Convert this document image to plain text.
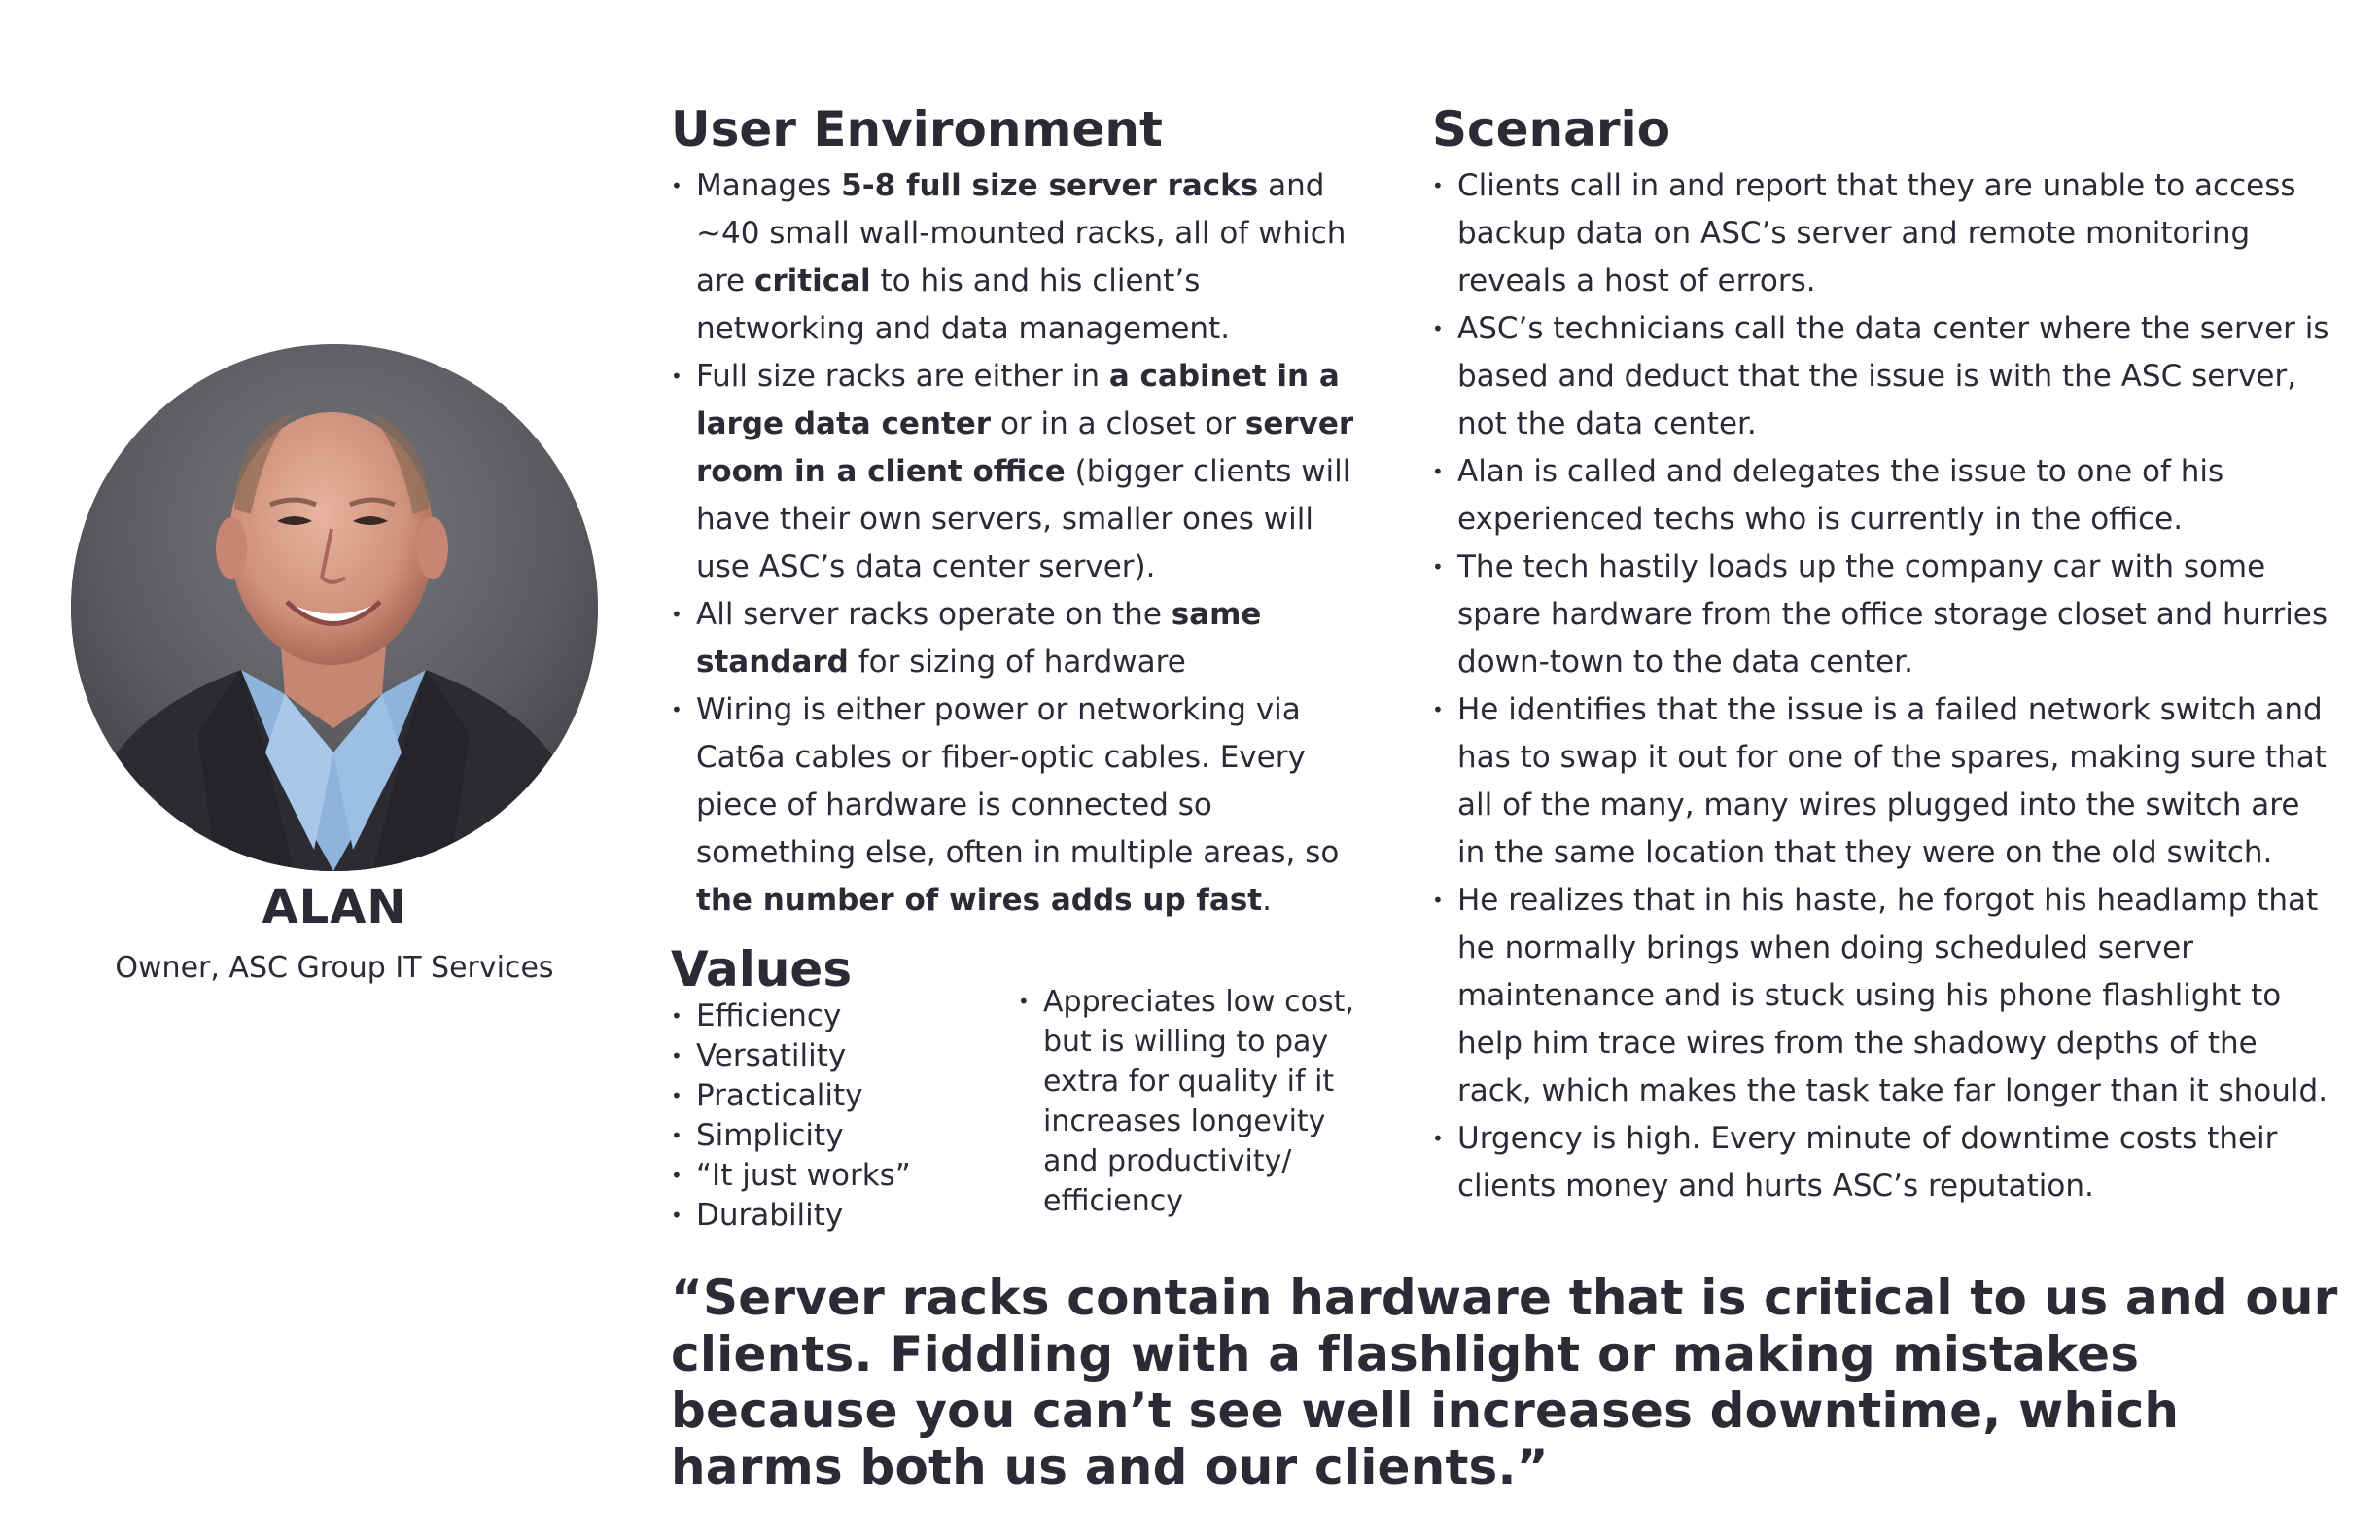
ALAN
Owner, ASC Group IT Services
User Environment
• Manages 5-8 full size server racks and ~40 small wall-mounted racks, all of which are critical to his and his client’s networking and data management.
• Full size racks are either in a cabinet in a large data center or in a closet or server room in a client office (bigger clients will have their own servers, smaller ones will use ASC’s data center server).
• All server racks operate on the same standard for sizing of hardware
• Wiring is either power or networking via Cat6a cables or fiber-optic cables. Every piece of hardware is connected so something else, often in multiple areas, so the number of wires adds up fast.
Scenario
• Clients call in and report that they are unable to access backup data on ASC’s server and remote monitoring reveals a host of errors.
• ASC’s technicians call the data center where the server is based and deduct that the issue is with the ASC server, not the data center.
• Alan is called and delegates the issue to one of his experienced techs who is currently in the office.
• The tech hastily loads up the company car with some spare hardware from the office storage closet and hurries down-town to the data center.
• He identifies that the issue is a failed network switch and has to swap it out for one of the spares, making sure that all of the many, many wires plugged into the switch are in the same location that they were on the old switch.
• He realizes that in his haste, he forgot his headlamp that he normally brings when doing scheduled server maintenance and is stuck using his phone flashlight to help him trace wires from the shadowy depths of the rack, which makes the task take far longer than it should.
• Urgency is high. Every minute of downtime costs their clients money and hurts ASC’s reputation.
Values
• Efficiency
• Versatility
• Practicality
• Simplicity
• “It just works”
• Durability
• Appreciates low cost, but is willing to pay extra for quality if it increases longevity and productivity/ efficiency
“Server racks contain hardware that is critical to us and our clients. Fiddling with a flashlight or making mistakes because you can’t see well increases downtime, which harms both us and our clients.”
